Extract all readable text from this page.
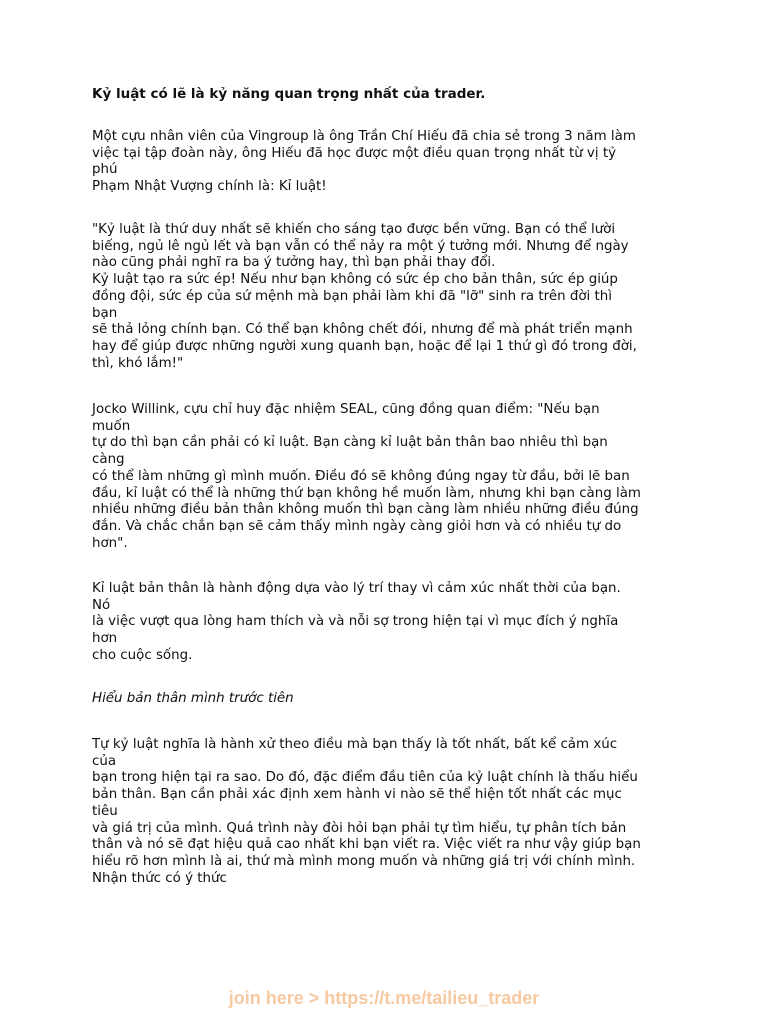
Kỷ luật có lẽ là kỷ năng quan trọng nhất của trader.
Một cựu nhân viên của Vingroup là ông Trần Chí Hiếu đã chia sẻ trong 3 năm làm
việc tại tập đoàn này, ông Hiếu đã học được một điều quan trọng nhất từ vị tỷ
phú
Phạm Nhật Vượng chính là: Kỉ luật!
"Kỷ luật là thứ duy nhất sẽ khiến cho sáng tạo được bền vững. Bạn có thể lười
biếng, ngủ lê ngủ lết và bạn vẫn có thể nảy ra một ý tưởng mới. Nhưng để ngày
nào cũng phải nghĩ ra ba ý tưởng hay, thì bạn phải thay đổi.
Kỷ luật tạo ra sức ép! Nếu như bạn không có sức ép cho bản thân, sức ép giúp
đồng đội, sức ép của sứ mệnh mà bạn phải làm khi đã "lỡ" sinh ra trên đời thì
bạn
sẽ thả lỏng chính bạn. Có thể bạn không chết đói, nhưng để mà phát triển mạnh
hay để giúp được những người xung quanh bạn, hoặc để lại 1 thứ gì đó trong đời,
thì, khó lắm!"
Jocko Willink, cựu chỉ huy đặc nhiệm SEAL, cũng đồng quan điểm: "Nếu bạn
muốn
tự do thì bạn cần phải có kỉ luật. Bạn càng kỉ luật bản thân bao nhiêu thì bạn
càng
có thể làm những gì mình muốn. Điều đó sẽ không đúng ngay từ đầu, bởi lẽ ban
đầu, kỉ luật có thể là những thứ bạn không hề muốn làm, nhưng khi bạn càng làm
nhiều những điều bản thân không muốn thì bạn càng làm nhiều những điều đúng
đắn. Và chắc chắn bạn sẽ cảm thấy mình ngày càng giỏi hơn và có nhiều tự do
hơn".
Kỉ luật bản thân là hành động dựa vào lý trí thay vì cảm xúc nhất thời của bạn.
Nó
là việc vượt qua lòng ham thích và và nỗi sợ trong hiện tại vì mục đích ý nghĩa
hơn
cho cuộc sống.
Hiểu bản thân mình trước tiên
Tự kỷ luật nghĩa là hành xử theo điều mà bạn thấy là tốt nhất, bất kể cảm xúc
của
bạn trong hiện tại ra sao. Do đó, đặc điểm đầu tiên của kỷ luật chính là thấu hiểu
bản thân. Bạn cần phải xác định xem hành vi nào sẽ thể hiện tốt nhất các mục
tiêu
và giá trị của mình. Quá trình này đòi hỏi bạn phải tự tìm hiểu, tự phân tích bản
thân và nó sẽ đạt hiệu quả cao nhất khi bạn viết ra. Việc viết ra như vậy giúp bạn
hiểu rõ hơn mình là ai, thứ mà mình mong muốn và những giá trị với chính mình.
Nhận thức có ý thức
join here > https://t.me/tailieu_trader
